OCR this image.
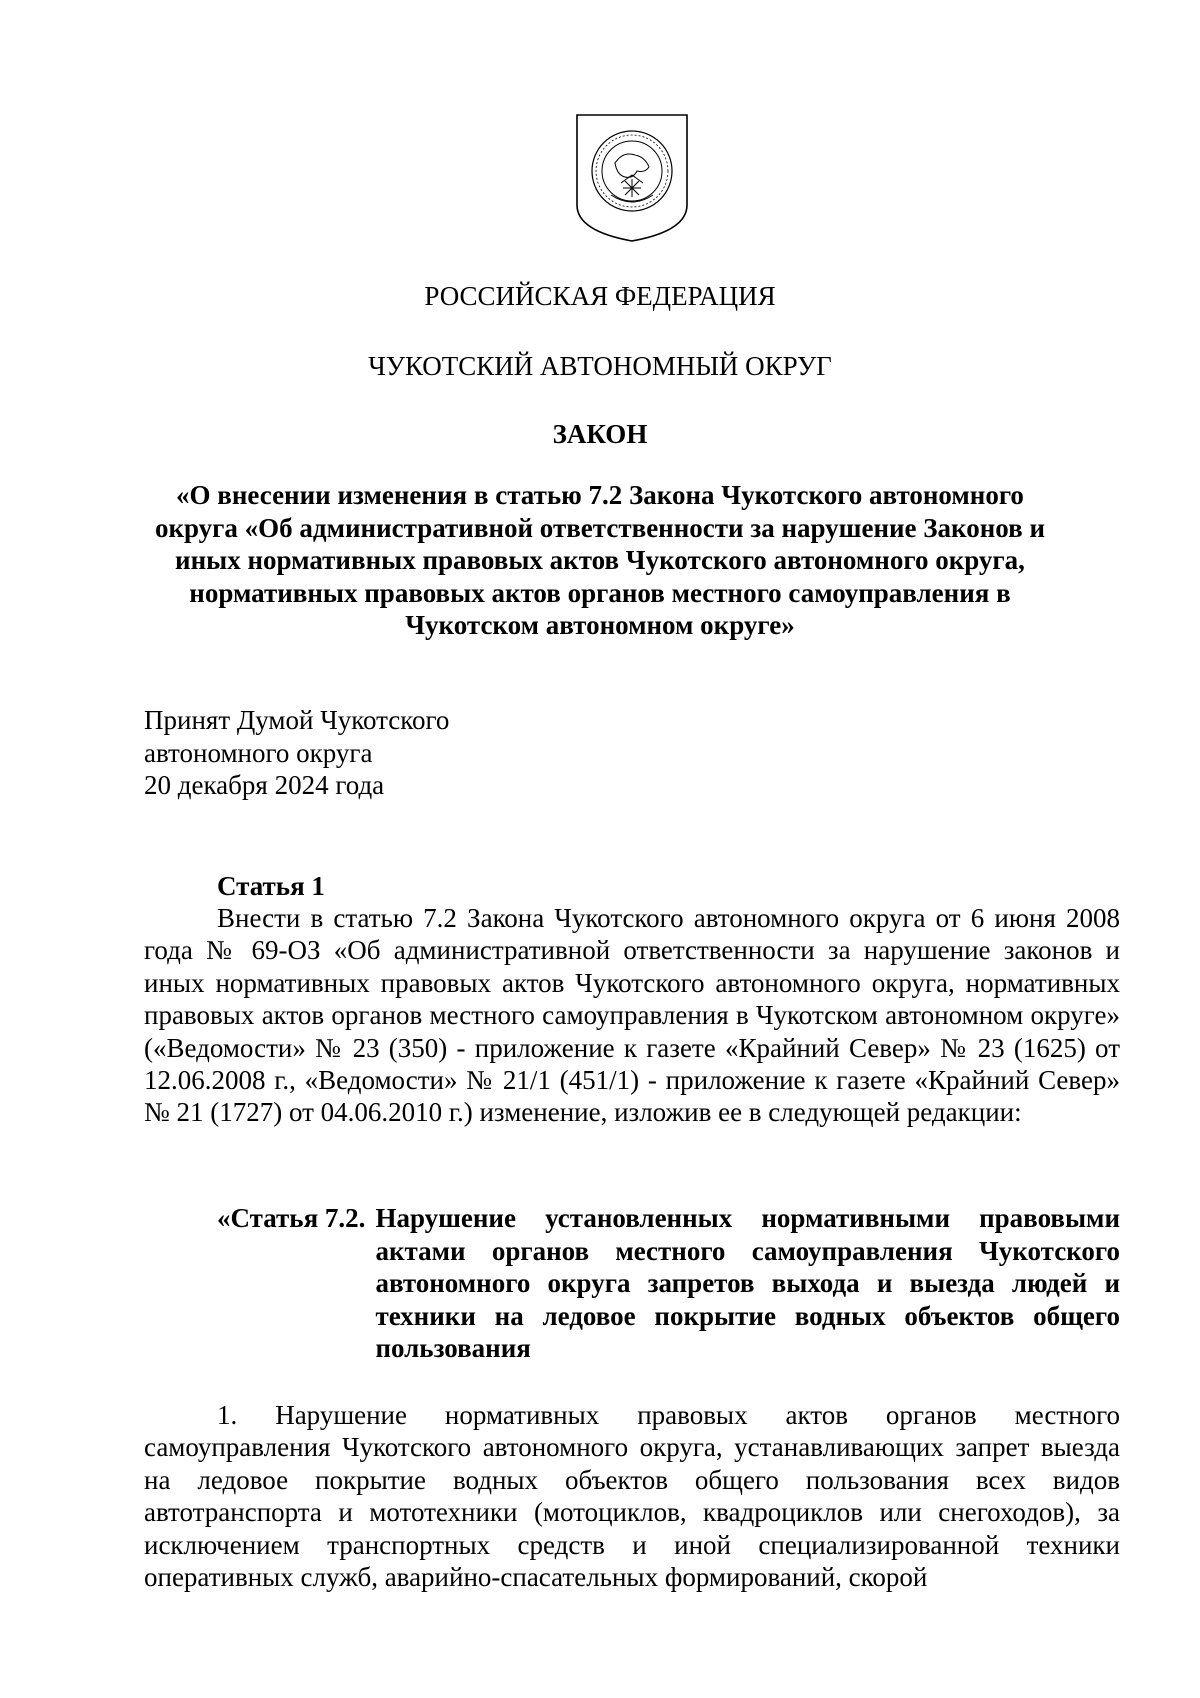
РОССИЙСКАЯ ФЕДЕРАЦИЯ
ЧУКОТСКИЙ АВТОНОМНЫЙ ОКРУГ
ЗАКОН
«О внесении изменения в статью 7.2 Закона Чукотского автономного округа «Об административной ответственности за нарушение Законов и иных нормативных правовых актов Чукотского автономного округа, нормативных правовых актов органов местного самоуправления в Чукотском автономном округе»
Принят Думой Чукотского
автономного округа
20 декабря 2024 года
Статья 1
Внести в статью 7.2 Закона Чукотского автономного округа от 6 июня 2008 года № 69-ОЗ «Об административной ответственности за нарушение законов и иных нормативных правовых актов Чукотского автономного округа, нормативных правовых актов органов местного самоуправления в Чукотском автономном округе» («Ведомости» № 23 (350) - приложение к газете «Крайний Север» № 23 (1625) от 12.06.2008 г., «Ведомости» № 21/1 (451/1) - приложение к газете «Крайний Север» № 21 (1727) от 04.06.2010 г.) изменение, изложив ее в следующей редакции:
«Статья 7.2. Нарушение установленных нормативными правовыми актами органов местного самоуправления Чукотского автономного округа запретов выхода и выезда людей и техники на ледовое покрытие водных объектов общего пользования
1. Нарушение нормативных правовых актов органов местного самоуправления Чукотского автономного округа, устанавливающих запрет выезда на ледовое покрытие водных объектов общего пользования всех видов автотранспорта и мототехники (мотоциклов, квадроциклов или снегоходов), за исключением транспортных средств и иной специализированной техники оперативных служб, аварийно-спасательных формирований, скорой
